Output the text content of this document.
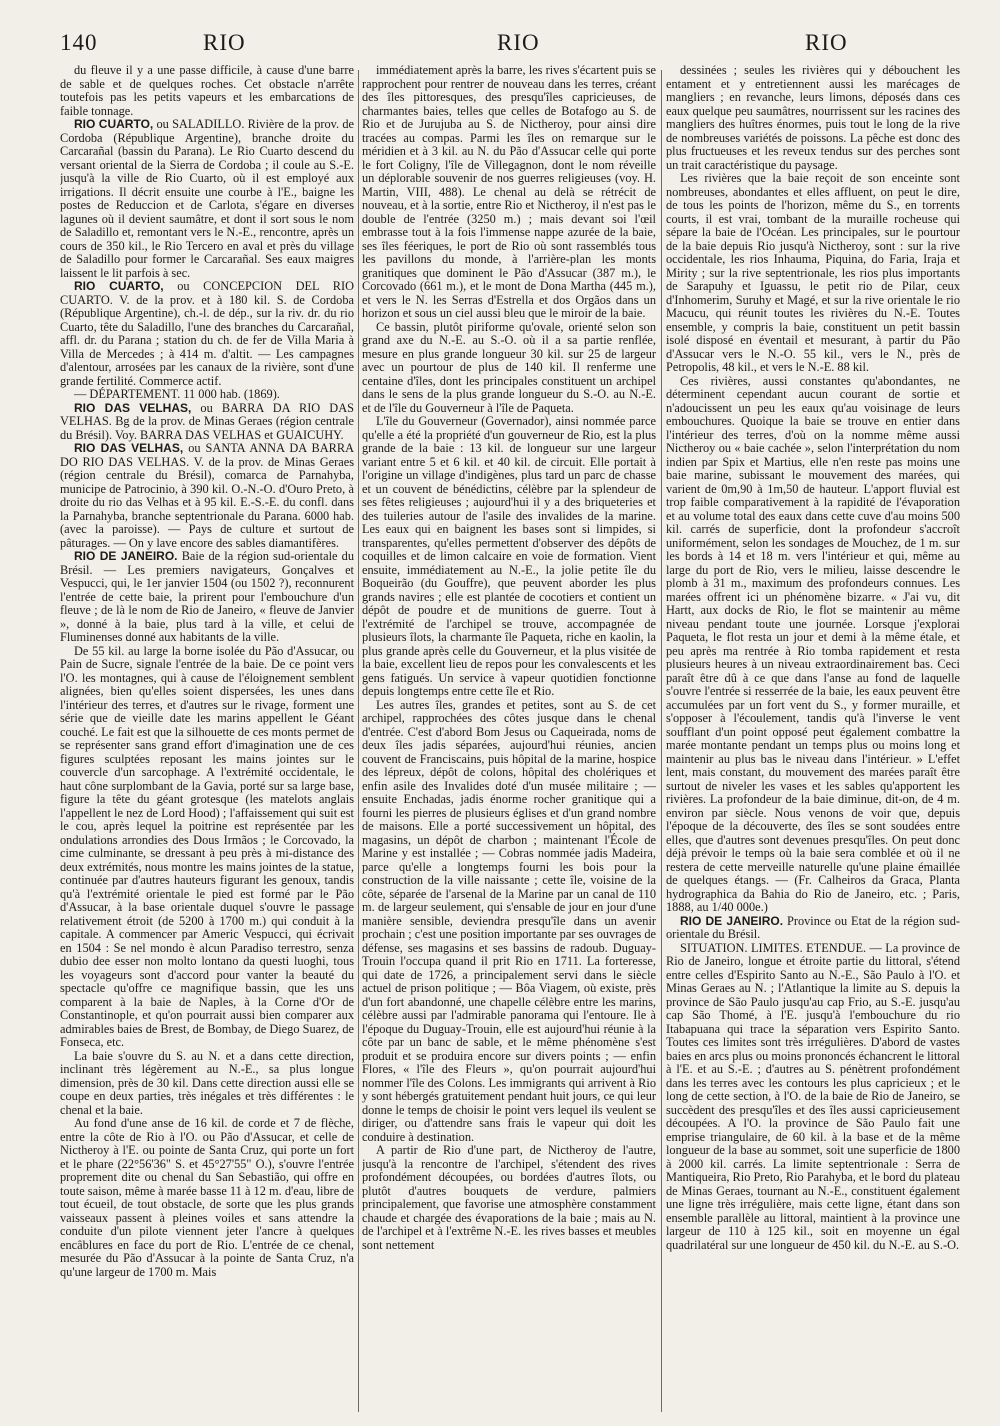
140	RIO	RIO	RIO

du fleuve il y a une passe difficile, à cause d'une barre de sable et de quelques roches. Cet obstacle n'arrête toutefois pas les petits vapeurs et les embarcations de faible tonnage.

RIO CUARTO, ou SALADILLO. Rivière de la prov. de Cordoba (République Argentine), branche droite du Carcarañal (bassin du Parana). Le Rio Cuarto descend du versant oriental de la Sierra de Cordoba ; il coule au S.-E. jusqu'à la ville de Rio Cuarto, où il est employé aux irrigations. Il décrit ensuite une courbe à l'E., baigne les postes de Reduccion et de Carlota, s'égare en diverses lagunes où il devient saumâtre, et dont il sort sous le nom de Saladillo et, remontant vers le N.-E., rencontre, après un cours de 350 kil., le Rio Tercero en aval et près du village de Saladillo pour former le Carcarañal. Ses eaux maigres laissent le lit parfois à sec.

RIO CUARTO, ou CONCEPCION DEL RIO CUARTO. V. de la prov. et à 180 kil. S. de Cordoba (République Argentine), ch.-l. de dép., sur la riv. dr. du rio Cuarto, tête du Saladillo, l'une des branches du Carcarañal, affl. dr. du Parana ; station du ch. de fer de Villa Maria à Villa de Mercedes ; à 414 m. d'altit. — Les campagnes d'alentour, arrosées par les canaux de la rivière, sont d'une grande fertilité. Commerce actif.

— DÉPARTEMENT. 11 000 hab. (1869).

RIO DAS VELHAS, ou BARRA DA RIO DAS VELHAS. Bg de la prov. de Minas Geraes (région centrale du Brésil). Voy. BARRA DAS VELHAS et GUAICUHY.

RIO DAS VELHAS, ou SANTA ANNA DA BARRA DO RIO DAS VELHAS. V. de la prov. de Minas Geraes (région centrale du Brésil), comarca de Parnahyba, municipe de Patrocinio, à 390 kil. O.-N.-O. d'Ouro Preto, à droite du rio das Velhas et à 95 kil. E.-S.-E. du confl. dans la Parnahyba, branche septentrionale du Parana. 6000 hab. (avec la paroisse). — Pays de culture et surtout de pâturages. — On y lave encore des sables diamantifères.

RIO DE JANEIRO. Baie de la région sud-orientale du Brésil. — Les premiers navigateurs, Gonçalves et Vespucci, qui, le 1er janvier 1504 (ou 1502 ?), reconnurent l'entrée de cette baie, la prirent pour l'embouchure d'un fleuve ; de là le nom de Rio de Janeiro, « fleuve de Janvier », donné à la baie, plus tard à la ville, et celui de Fluminenses donné aux habitants de la ville.

De 55 kil. au large la borne isolée du Pão d'Assucar, ou Pain de Sucre, signale l'entrée de la baie. De ce point vers l'O. les montagnes, qui à cause de l'éloignement semblent alignées, bien qu'elles soient dispersées, les unes dans l'intérieur des terres, et d'autres sur le rivage, forment une série que de vieille date les marins appellent le Géant couché. Le fait est que la silhouette de ces monts permet de se représenter sans grand effort d'imagination une de ces figures sculptées reposant les mains jointes sur le couvercle d'un sarcophage. A l'extrémité occidentale, le haut cône surplombant de la Gavia, porté sur sa large base, figure la tête du géant grotesque (les matelots anglais l'appellent le nez de Lord Hood) ; l'affaissement qui suit est le cou, après lequel la poitrine est représentée par les ondulations arrondies des Dous Irmãos ; le Corcovado, la cime culminante, se dressant à peu près à mi-distance des deux extrémités, nous montre les mains jointes de la statue, continuée par d'autres hauteurs figurant les genoux, tandis qu'à l'extrémité orientale le pied est formé par le Pão d'Assucar, à la base orientale duquel s'ouvre le passage relativement étroit (de 5200 à 1700 m.) qui conduit à la capitale. A commencer par Americ Vespucci, qui écrivait en 1504 : Se nel mondo è alcun Paradiso terrestro, senza dubio dee esser non molto lontano da questi luoghi, tous les voyageurs sont d'accord pour vanter la beauté du spectacle qu'offre ce magnifique bassin, que les uns comparent à la baie de Naples, à la Corne d'Or de Constantinople, et qu'on pourrait aussi bien comparer aux admirables baies de Brest, de Bombay, de Diego Suarez, de Fonseca, etc.

La baie s'ouvre du S. au N. et a dans cette direction, inclinant très légèrement au N.-E., sa plus longue dimension, près de 30 kil. Dans cette direction aussi elle se coupe en deux parties, très inégales et très différentes : le chenal et la baie.

Au fond d'une anse de 16 kil. de corde et 7 de flèche, entre la côte de Rio à l'O. ou Pão d'Assucar, et celle de Nictheroy à l'E. ou pointe de Santa Cruz, qui porte un fort et le phare (22°56'36" S. et 45°27'55" O.), s'ouvre l'entrée proprement dite ou chenal du San Sebastião, qui offre en toute saison, même à marée basse 11 à 12 m. d'eau, libre de tout écueil, de tout obstacle, de sorte que les plus grands vaisseaux passent à pleines voiles et sans attendre la conduite d'un pilote viennent jeter l'ancre à quelques encâblures en face du port de Rio. L'entrée de ce chenal, mesurée du Pão d'Assucar à la pointe de Santa Cruz, n'a qu'une largeur de 1700 m. Mais

immédiatement après la barre, les rives s'écartent puis se rapprochent pour rentrer de nouveau dans les terres, créant des îles pittoresques, des presqu'îles capricieuses, de charmantes baies, telles que celles de Botafogo au S. de Rio et de Jurujuba au S. de Nictheroy, pour ainsi dire tracées au compas. Parmi les îles on remarque sur le méridien et à 3 kil. au N. du Pão d'Assucar celle qui porte le fort Coligny, l'île de Villegagnon, dont le nom réveille un déplorable souvenir de nos guerres religieuses (voy. H. Martin, VIII, 488). Le chenal au delà se rétrécit de nouveau, et à la sortie, entre Rio et Nictheroy, il n'est pas le double de l'entrée (3250 m.) ; mais devant soi l'œil embrasse tout à la fois l'immense nappe azurée de la baie, ses îles féeriques, le port de Rio où sont rassemblés tous les pavillons du monde, à l'arrière-plan les monts granitiques que dominent le Pão d'Assucar (387 m.), le Corcovado (661 m.), et le mont de Dona Martha (445 m.), et vers le N. les Serras d'Estrella et dos Orgãos dans un horizon et sous un ciel aussi bleu que le miroir de la baie.

Ce bassin, plutôt piriforme qu'ovale, orienté selon son grand axe du N.-E. au S.-O. où il a sa partie renflée, mesure en plus grande longueur 30 kil. sur 25 de largeur avec un pourtour de plus de 140 kil. Il renferme une centaine d'îles, dont les principales constituent un archipel dans le sens de la plus grande longueur du S.-O. au N.-E. et de l'île du Gouverneur à l'île de Paqueta.

L'île du Gouverneur (Governador), ainsi nommée parce qu'elle a été la propriété d'un gouverneur de Rio, est la plus grande de la baie : 13 kil. de longueur sur une largeur variant entre 5 et 6 kil. et 40 kil. de circuit. Elle portait à l'origine un village d'indigènes, plus tard un parc de chasse et un couvent de bénédictins, célèbre par la splendeur de ses fêtes religieuses ; aujourd'hui il y a des briqueteries et des tuileries autour de l'asile des invalides de la marine. Les eaux qui en baignent les bases sont si limpides, si transparentes, qu'elles permettent d'observer des dépôts de coquilles et de limon calcaire en voie de formation. Vient ensuite, immédiatement au N.-E., la jolie petite île du Boqueirão (du Gouffre), que peuvent aborder les plus grands navires ; elle est plantée de cocotiers et contient un dépôt de poudre et de munitions de guerre. Tout à l'extrémité de l'archipel se trouve, accompagnée de plusieurs îlots, la charmante île Paqueta, riche en kaolin, la plus grande après celle du Gouverneur, et la plus visitée de la baie, excellent lieu de repos pour les convalescents et les gens fatigués. Un service à vapeur quotidien fonctionne depuis longtemps entre cette île et Rio.

Les autres îles, grandes et petites, sont au S. de cet archipel, rapprochées des côtes jusque dans le chenal d'entrée. C'est d'abord Bom Jesus ou Caqueirada, noms de deux îles jadis séparées, aujourd'hui réunies, ancien couvent de Franciscains, puis hôpital de la marine, hospice des lépreux, dépôt de colons, hôpital des cholériques et enfin asile des Invalides doté d'un musée militaire ; — ensuite Enchadas, jadis énorme rocher granitique qui a fourni les pierres de plusieurs églises et d'un grand nombre de maisons. Elle a porté successivement un hôpital, des magasins, un dépôt de charbon ; maintenant l'École de Marine y est installée ; — Cobras nommée jadis Madeira, parce qu'elle a longtemps fourni les bois pour la construction de la ville naissante ; cette île, voisine de la côte, séparée de l'arsenal de la Marine par un canal de 110 m. de largeur seulement, qui s'ensable de jour en jour d'une manière sensible, deviendra presqu'île dans un avenir prochain ; c'est une position importante par ses ouvrages de défense, ses magasins et ses bassins de radoub. Duguay-Trouin l'occupa quand il prit Rio en 1711. La forteresse, qui date de 1726, a principalement servi dans le siècle actuel de prison politique ; — Bôa Viagem, où existe, près d'un fort abandonné, une chapelle célèbre entre les marins, célèbre aussi par l'admirable panorama qui l'entoure. Ile à l'époque du Duguay-Trouin, elle est aujourd'hui réunie à la côte par un banc de sable, et le même phénomène s'est produit et se produira encore sur divers points ; — enfin Flores, « l'île des Fleurs », qu'on pourrait aujourd'hui nommer l'île des Colons. Les immigrants qui arrivent à Rio y sont hébergés gratuitement pendant huit jours, ce qui leur donne le temps de choisir le point vers lequel ils veulent se diriger, ou d'attendre sans frais le vapeur qui doit les conduire à destination.

A partir de Rio d'une part, de Nictheroy de l'autre, jusqu'à la rencontre de l'archipel, s'étendent des rives profondément découpées, ou bordées d'autres îlots, ou plutôt d'autres bouquets de verdure, palmiers principalement, que favorise une atmosphère constamment chaude et chargée des évaporations de la baie ; mais au N. de l'archipel et à l'extrême N.-E. les rives basses et meubles sont nettement

dessinées ; seules les rivières qui y débouchent les entament et y entretiennent aussi les marécages de mangliers ; en revanche, leurs limons, déposés dans ces eaux quelque peu saumâtres, nourrissent sur les racines des mangliers des huîtres énormes, puis tout le long de la rive de nombreuses variétés de poissons. La pêche est donc des plus fructueuses et les reveux tendus sur des perches sont un trait caractéristique du paysage.

Les rivières que la baie reçoit de son enceinte sont nombreuses, abondantes et elles affluent, on peut le dire, de tous les points de l'horizon, même du S., en torrents courts, il est vrai, tombant de la muraille rocheuse qui sépare la baie de l'Océan. Les principales, sur le pourtour de la baie depuis Rio jusqu'à Nictheroy, sont : sur la rive occidentale, les rios Inhauma, Piquina, do Faria, Iraja et Mirity ; sur la rive septentrionale, les rios plus importants de Sarapuhy et Iguassu, le petit rio de Pilar, ceux d'Inhomerim, Suruhy et Magé, et sur la rive orientale le rio Macucu, qui réunit toutes les rivières du N.-E. Toutes ensemble, y compris la baie, constituent un petit bassin isolé disposé en éventail et mesurant, à partir du Pão d'Assucar vers le N.-O. 55 kil., vers le N., près de Petropolis, 48 kil., et vers le N.-E. 88 kil.

Ces rivières, aussi constantes qu'abondantes, ne déterminent cependant aucun courant de sortie et n'adoucissent un peu les eaux qu'au voisinage de leurs embouchures. Quoique la baie se trouve en entier dans l'intérieur des terres, d'où on la nomme même aussi Nictheroy ou « baie cachée », selon l'interprétation du nom indien par Spix et Martius, elle n'en reste pas moins une baie marine, subissant le mouvement des marées, qui varient de 0m,90 à 1m,50 de hauteur. L'apport fluvial est trop faible comparativement à la rapidité de l'évaporation et au volume total des eaux dans cette cuve d'au moins 500 kil. carrés de superficie, dont la profondeur s'accroît uniformément, selon les sondages de Mouchez, de 1 m. sur les bords à 14 et 18 m. vers l'intérieur et qui, même au large du port de Rio, vers le milieu, laisse descendre le plomb à 31 m., maximum des profondeurs connues. Les marées offrent ici un phénomène bizarre. « J'ai vu, dit Hartt, aux docks de Rio, le flot se maintenir au même niveau pendant toute une journée. Lorsque j'explorai Paqueta, le flot resta un jour et demi à la même étale, et peu après ma rentrée à Rio tomba rapidement et resta plusieurs heures à un niveau extraordinairement bas. Ceci paraît être dû à ce que dans l'anse au fond de laquelle s'ouvre l'entrée si resserrée de la baie, les eaux peuvent être accumulées par un fort vent du S., y former muraille, et s'opposer à l'écoulement, tandis qu'à l'inverse le vent soufflant d'un point opposé peut également combattre la marée montante pendant un temps plus ou moins long et maintenir au plus bas le niveau dans l'intérieur. » L'effet lent, mais constant, du mouvement des marées paraît être surtout de niveler les vases et les sables qu'apportent les rivières. La profondeur de la baie diminue, dit-on, de 4 m. environ par siècle. Nous venons de voir que, depuis l'époque de la découverte, des îles se sont soudées entre elles, que d'autres sont devenues presqu'îles. On peut donc déjà prévoir le temps où la baie sera comblée et où il ne restera de cette merveille naturelle qu'une plaine émaillée de quelques étangs. — (Fr. Calheiros da Graca, Planta hydrographica da Bahia do Rio de Janeiro, etc. ; Paris, 1888, au 1/40 000e.)

RIO DE JANEIRO. Province ou Etat de la région sud-orientale du Brésil.

SITUATION. LIMITES. ETENDUE. — La province de Rio de Janeiro, longue et étroite partie du littoral, s'étend entre celles d'Espirito Santo au N.-E., São Paulo à l'O. et Minas Geraes au N. ; l'Atlantique la limite au S. depuis la province de São Paulo jusqu'au cap Frio, au S.-E. jusqu'au cap São Thomé, à l'E. jusqu'à l'embouchure du rio Itabapuana qui trace la séparation vers Espirito Santo. Toutes ces limites sont très irrégulières. D'abord de vastes baies en arcs plus ou moins prononcés échancrent le littoral à l'E. et au S.-E. ; d'autres au S. pénètrent profondément dans les terres avec les contours les plus capricieux ; et le long de cette section, à l'O. de la baie de Rio de Janeiro, se succèdent des presqu'îles et des îles aussi capricieusement découpées. A l'O. la province de São Paulo fait une emprise triangulaire, de 60 kil. à la base et de la même longueur de la base au sommet, soit une superficie de 1800 à 2000 kil. carrés. La limite septentrionale : Serra de Mantiqueira, Rio Preto, Rio Parahyba, et le bord du plateau de Minas Geraes, tournant au N.-E., constituent également une ligne très irrégulière, mais cette ligne, étant dans son ensemble parallèle au littoral, maintient à la province une largeur de 110 à 125 kil., soit en moyenne un égal quadrilatéral sur une longueur de 450 kil. du N.-E. au S.-O.
